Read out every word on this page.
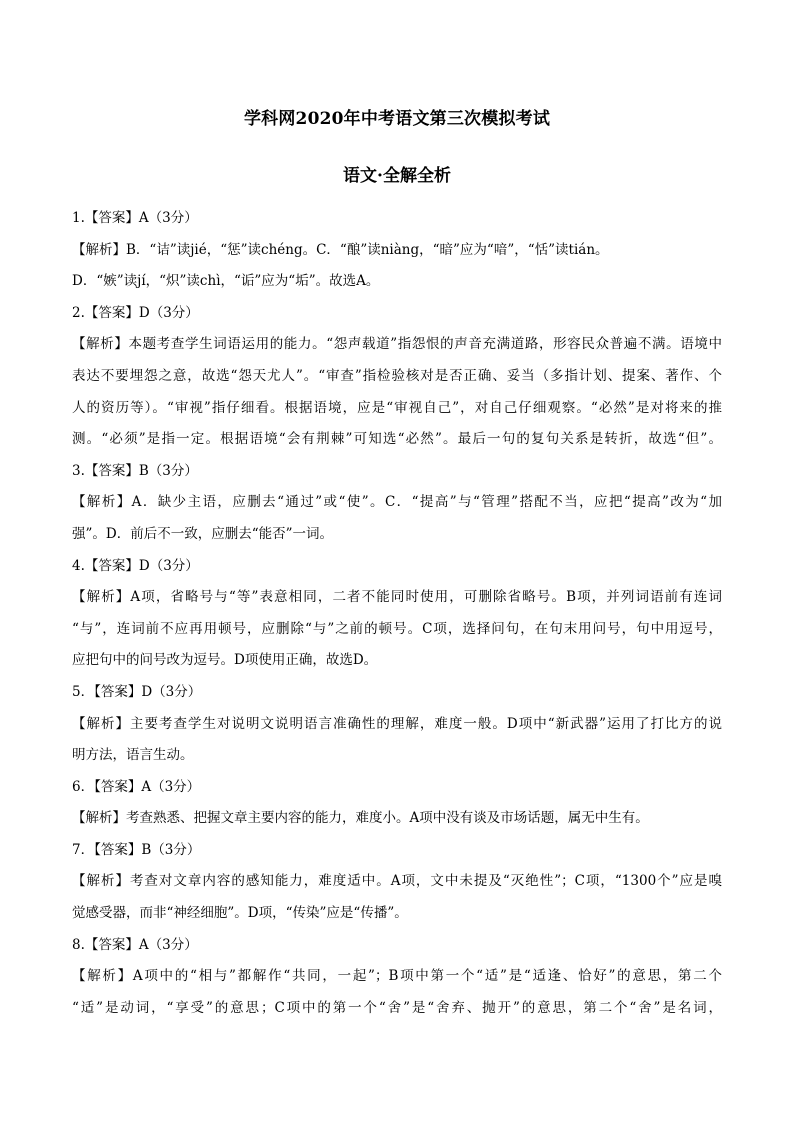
学科网2020年中考语文第三次模拟考试
语文·全解全析
1.【答案】A（3分）
【解析】B．“诘”读jié，“惩”读chéng。C．“酿”读niàng，“暗”应为“喑”，“恬”读tián。
D．“嫉”读jí，“炽”读chì，“诟”应为“垢”。故选A。
2.【答案】D（3分）
【解析】本题考查学生词语运用的能力。“怨声载道”指怨恨的声音充满道路，形容民众普遍不满。语境中
表达不要埋怨之意，故选“怨天尤人”。“审查”指检验核对是否正确、妥当（多指计划、提案、著作、个
人的资历等）。“审视”指仔细看。根据语境，应是“审视自己”，对自己仔细观察。“必然”是对将来的推
测。“必须”是指一定。根据语境“会有荆棘”可知选“必然”。最后一句的复句关系是转折，故选“但”。
3.【答案】B（3分）
【解析】A．缺少主语，应删去“通过”或“使”。C．“提高”与“管理”搭配不当，应把“提高”改为“加
强”。D．前后不一致，应删去“能否”一词。
4.【答案】D（3分）
【解析】A项，省略号与“等”表意相同，二者不能同时使用，可删除省略号。B项，并列词语前有连词
“与”，连词前不应再用顿号，应删除“与”之前的顿号。C项，选择问句，在句末用问号，句中用逗号，
应把句中的问号改为逗号。D项使用正确，故选D。
5．【答案】D（3分）
【解析】主要考查学生对说明文说明语言准确性的理解，难度一般。D项中“新武器”运用了打比方的说
明方法，语言生动。
6．【答案】A（3分）
【解析】考查熟悉、把握文章主要内容的能力，难度小。A项中没有谈及市场话题，属无中生有。
7．【答案】B（3分）
【解析】考查对文章内容的感知能力，难度适中。A项，文中未提及“灭绝性”；C项，“1300个”应是嗅
觉感受器，而非“神经细胞”。D项，“传染”应是“传播”。
8.【答案】A（3分）
【解析】A项中的“相与”都解作“共同，一起”；B项中第一个“适”是“适逢、恰好”的意思，第二个
“适”是动词，“享受”的意思；C项中的第一个“舍”是“舍弃、抛开”的意思，第二个“舍”是名词，
